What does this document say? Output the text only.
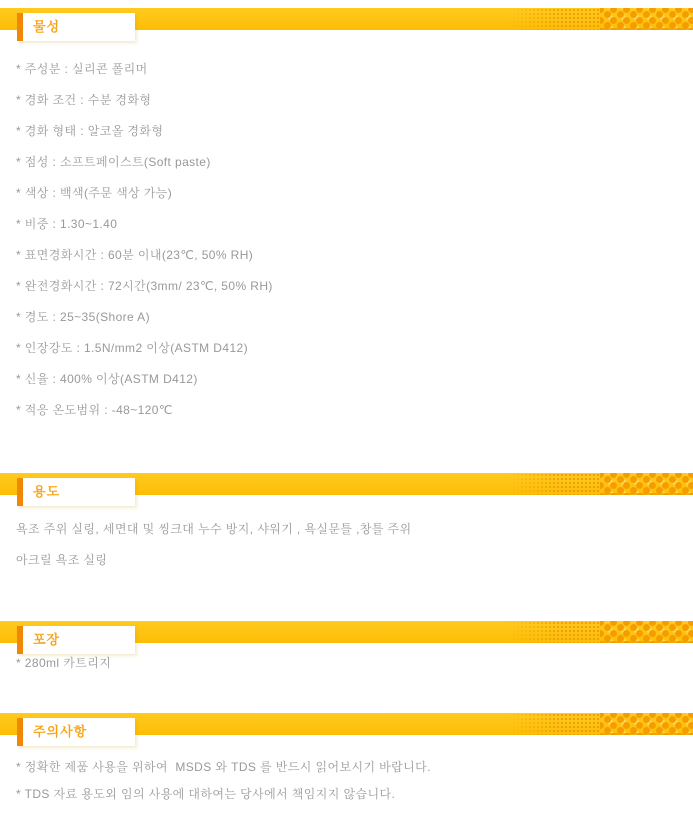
물성
* 주성분 : 실리콘 폴리머
* 경화 조건 : 수분 경화형
* 경화 형태 : 알코올 경화형
* 점성 : 소프트페이스트(Soft paste)
* 색상 : 백색(주문 색상 가능)
* 비중 : 1.30~1.40
* 표면경화시간 : 60분 이내(23℃, 50% RH)
* 완전경화시간 : 72시간(3mm/ 23℃, 50% RH)
* 경도 : 25~35(Shore A)
* 인장강도 : 1.5N/mm2 이상(ASTM D412)
* 신율 : 400% 이상(ASTM D412)
* 적응 온도범위 : -48~120℃
용도
욕조 주위 실링, 세면대 및 씽크대 누수 방지, 샤워기 , 욕실문틀 ,창틀 주위
아크릴 욕조 실링
포장
* 280ml 카트리지
주의사항
* 정확한 제품 사용을 위하여  MSDS 와 TDS 를 반드시 읽어보시기 바랍니다.
* TDS 자료 용도외 임의 사용에 대하여는 당사에서 책임지지 않습니다.
